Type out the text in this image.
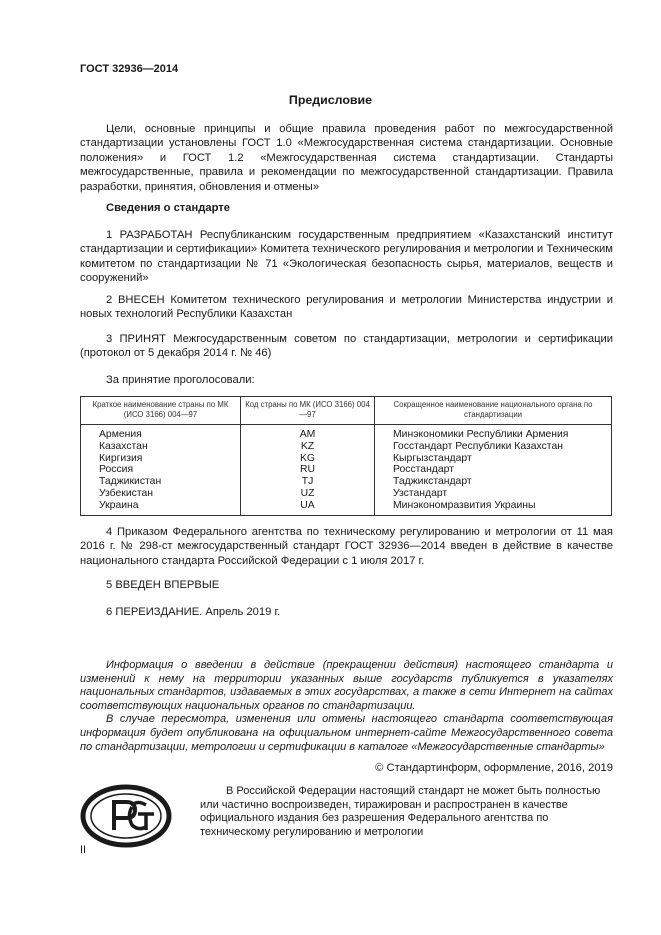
ГОСТ 32936—2014
Предисловие
Цели, основные принципы и общие правила проведения работ по межгосударственной стандартизации установлены ГОСТ 1.0 «Межгосударственная система стандартизации. Основные положения» и ГОСТ 1.2 «Межгосударственная система стандартизации. Стандарты межгосударственные, правила и рекомендации по межгосударственной стандартизации. Правила разработки, принятия, обновления и отмены»
Сведения о стандарте
1 РАЗРАБОТАН Республиканским государственным предприятием «Казахстанский институт стандартизации и сертификации» Комитета технического регулирования и метрологии и Техническим комитетом по стандартизации № 71 «Экологическая безопасность сырья, материалов, веществ и сооружений»
2 ВНЕСЕН Комитетом технического регулирования и метрологии Министерства индустрии и новых технологий Республики Казахстан
3 ПРИНЯТ Межгосударственным советом по стандартизации, метрологии и сертификации (протокол от 5 декабря 2014 г. № 46)
За принятие проголосовали:
Краткое наименование страны по МК (ИСО 3166) 004—97	Код страны по МК (ИСО 3166) 004—97	Сокращенное наименование национального органа по стандартизации
Армения	AM	Минэкономики Республики Армения
Казахстан	KZ	Госстандарт Республики Казахстан
Киргизия	KG	Кыргызстандарт
Россия	RU	Росстандарт
Таджикистан	TJ	Таджикстандарт
Узбекистан	UZ	Узстандарт
Украина	UA	Минэкономразвития Украины
4 Приказом Федерального агентства по техническому регулированию и метрологии от 11 мая 2016 г. № 298-ст межгосударственный стандарт ГОСТ 32936—2014 введен в действие в качестве национального стандарта Российской Федерации с 1 июля 2017 г.
5 ВВЕДЕН ВПЕРВЫЕ
6 ПЕРЕИЗДАНИЕ. Апрель 2019 г.

Информация о введении в действие (прекращении действия) настоящего стандарта и изменений к нему на территории указанных выше государств публикуется в указателях национальных стандартов, издаваемых в этих государствах, а также в сети Интернет на сайтах соответствующих национальных органов по стандартизации.

В случае пересмотра, изменения или отмены настоящего стандарта соответствующая информация будет опубликована на официальном интернет-сайте Межгосударственного совета по стандартизации, метрологии и сертификации в каталоге «Межгосударственные стандарты»

© Стандартинформ, оформление, 2016, 2019
В Российской Федерации настоящий стандарт не может быть полностью или частично воспроизведен, тиражирован и распространен в качестве официального издания без разрешения Федерального агентства по техническому регулированию и метрологии
II
